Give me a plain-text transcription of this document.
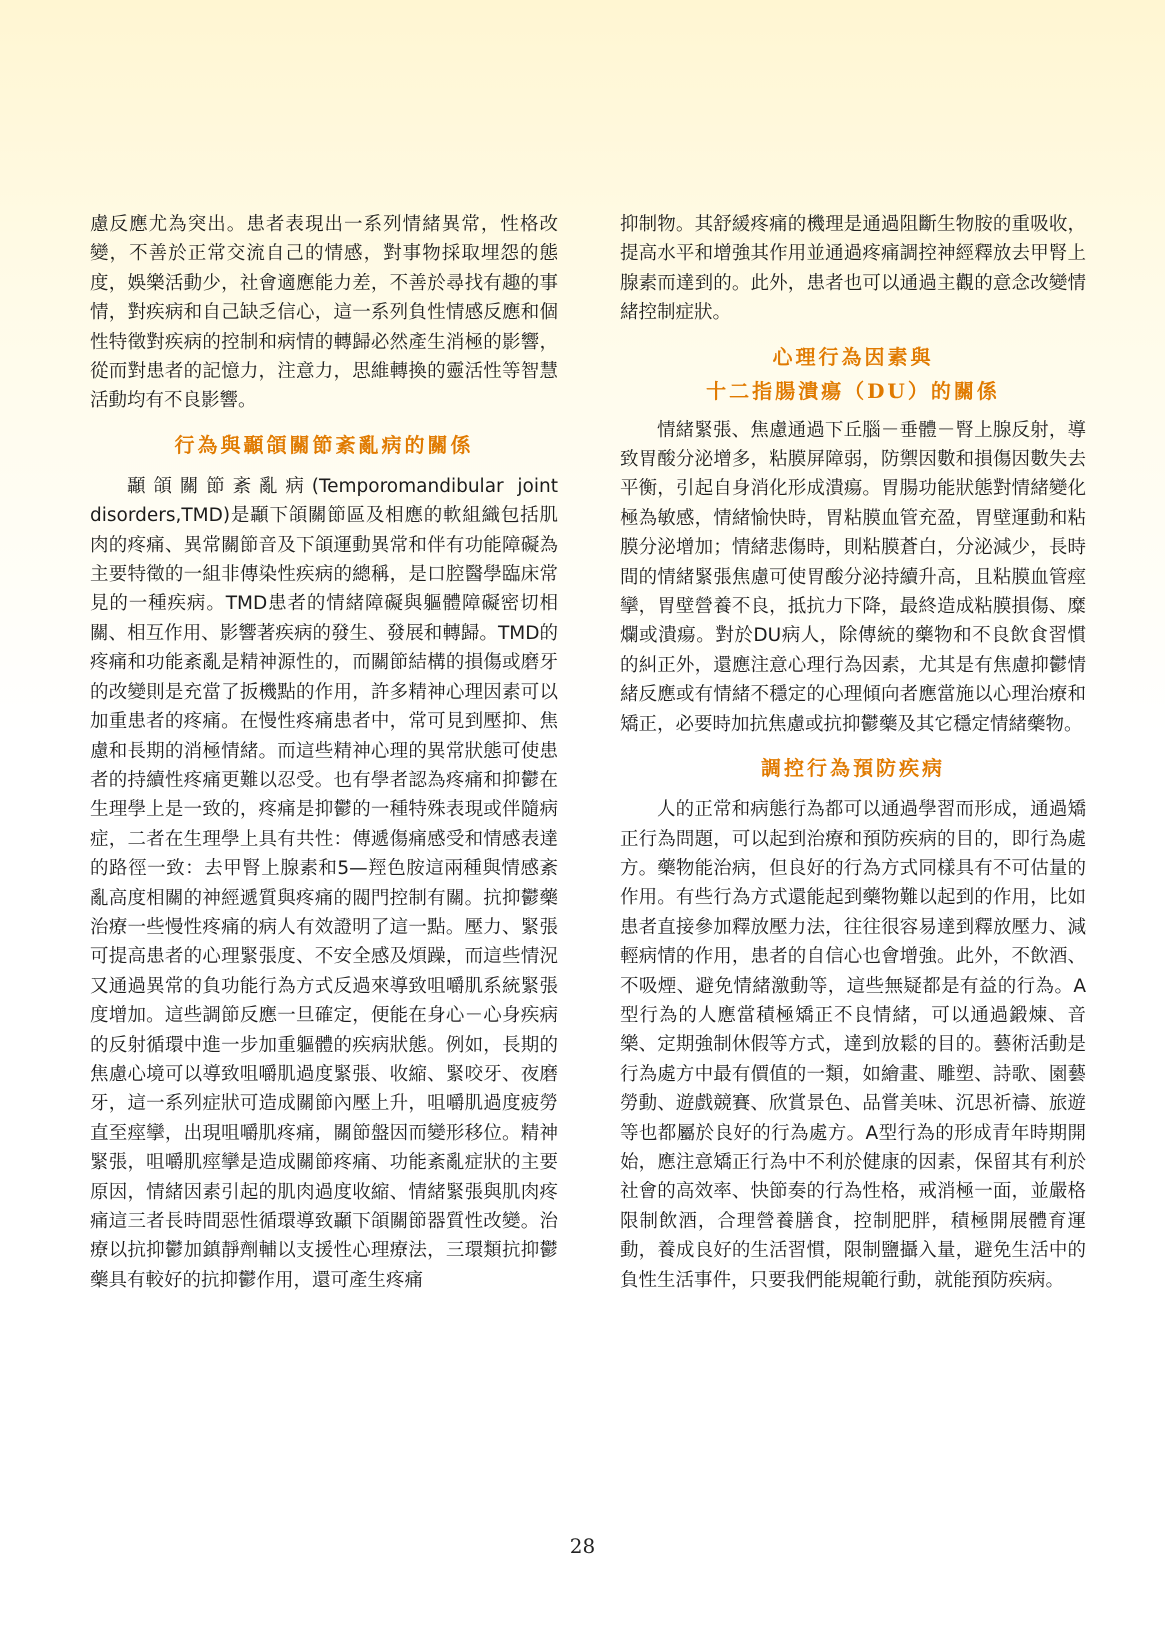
慮反應尤為突出。患者表現出一系列情緒異常，性格改變，不善於正常交流自己的情感，對事物採取埋怨的態度，娛樂活動少，社會適應能力差，不善於尋找有趣的事情，對疾病和自己缺乏信心，這一系列負性情感反應和個性特徵對疾病的控制和病情的轉歸必然產生消極的影響，從而對患者的記憶力，注意力，思維轉換的靈活性等智慧活動均有不良影響。

行為與顳頜關節紊亂病的關係

顳頜關節紊亂病(Temporomandibular joint disorders,TMD)是顳下頜關節區及相應的軟組織包括肌肉的疼痛、異常關節音及下頜運動異常和伴有功能障礙為主要特徵的一組非傳染性疾病的總稱，是口腔醫學臨床常見的一種疾病。TMD患者的情緒障礙與軀體障礙密切相關、相互作用、影響著疾病的發生、發展和轉歸。TMD的疼痛和功能紊亂是精神源性的，而關節結構的損傷或磨牙的改變則是充當了扳機點的作用，許多精神心理因素可以加重患者的疼痛。在慢性疼痛患者中，常可見到壓抑、焦慮和長期的消極情緒。而這些精神心理的異常狀態可使患者的持續性疼痛更難以忍受。也有學者認為疼痛和抑鬱在生理學上是一致的，疼痛是抑鬱的一種特殊表現或伴隨病症，二者在生理學上具有共性：傳遞傷痛感受和情感表達的路徑一致：去甲腎上腺素和5—羥色胺這兩種與情感紊亂高度相關的神經遞質與疼痛的閥門控制有關。抗抑鬱藥治療一些慢性疼痛的病人有效證明了這一點。壓力、緊張可提高患者的心理緊張度、不安全感及煩躁，而這些情況又通過異常的負功能行為方式反過來導致咀嚼肌系統緊張度增加。這些調節反應一旦確定，便能在身心－心身疾病的反射循環中進一步加重軀體的疾病狀態。例如，長期的焦慮心境可以導致咀嚼肌過度緊張、收縮、緊咬牙、夜磨牙，這一系列症狀可造成關節內壓上升，咀嚼肌過度疲勞直至痙攣，出現咀嚼肌疼痛，關節盤因而變形移位。精神緊張，咀嚼肌痙攣是造成關節疼痛、功能紊亂症狀的主要原因，情緒因素引起的肌肉過度收縮、情緒緊張與肌肉疼痛這三者長時間惡性循環導致顳下頜關節器質性改變。治療以抗抑鬱加鎮靜劑輔以支援性心理療法，三環類抗抑鬱藥具有較好的抗抑鬱作用，還可產生疼痛

抑制物。其舒緩疼痛的機理是通過阻斷生物胺的重吸收，提高水平和增強其作用並通過疼痛調控神經釋放去甲腎上腺素而達到的。此外，患者也可以通過主觀的意念改變情緒控制症狀。

心理行為因素與
十二指腸潰瘍（DU）的關係

情緒緊張、焦慮通過下丘腦－垂體－腎上腺反射，導致胃酸分泌增多，粘膜屏障弱，防禦因數和損傷因數失去平衡，引起自身消化形成潰瘍。胃腸功能狀態對情緒變化極為敏感，情緒愉快時，胃粘膜血管充盈，胃壁運動和粘膜分泌增加；情緒悲傷時，則粘膜蒼白，分泌減少，長時間的情緒緊張焦慮可使胃酸分泌持續升高，且粘膜血管痙攣，胃壁營養不良，抵抗力下降，最終造成粘膜損傷、糜爛或潰瘍。對於DU病人，除傳統的藥物和不良飲食習慣的糾正外，還應注意心理行為因素，尤其是有焦慮抑鬱情緒反應或有情緒不穩定的心理傾向者應當施以心理治療和矯正，必要時加抗焦慮或抗抑鬱藥及其它穩定情緒藥物。

調控行為預防疾病

人的正常和病態行為都可以通過學習而形成，通過矯正行為問題，可以起到治療和預防疾病的目的，即行為處方。藥物能治病，但良好的行為方式同樣具有不可估量的作用。有些行為方式還能起到藥物難以起到的作用，比如患者直接參加釋放壓力法，往往很容易達到釋放壓力、減輕病情的作用，患者的自信心也會增強。此外，不飲酒、不吸煙、避免情緒激動等，這些無疑都是有益的行為。A型行為的人應當積極矯正不良情緒，可以通過鍛煉、音樂、定期強制休假等方式，達到放鬆的目的。藝術活動是行為處方中最有價值的一類，如繪畫、雕塑、詩歌、園藝勞動、遊戲競賽、欣賞景色、品嘗美味、沉思祈禱、旅遊等也都屬於良好的行為處方。A型行為的形成青年時期開始，應注意矯正行為中不利於健康的因素，保留其有利於社會的高效率、快節奏的行為性格，戒消極一面，並嚴格限制飲酒，合理營養膳食，控制肥胖，積極開展體育運動，養成良好的生活習慣，限制鹽攝入量，避免生活中的負性生活事件，只要我們能規範行動，就能預防疾病。

28
